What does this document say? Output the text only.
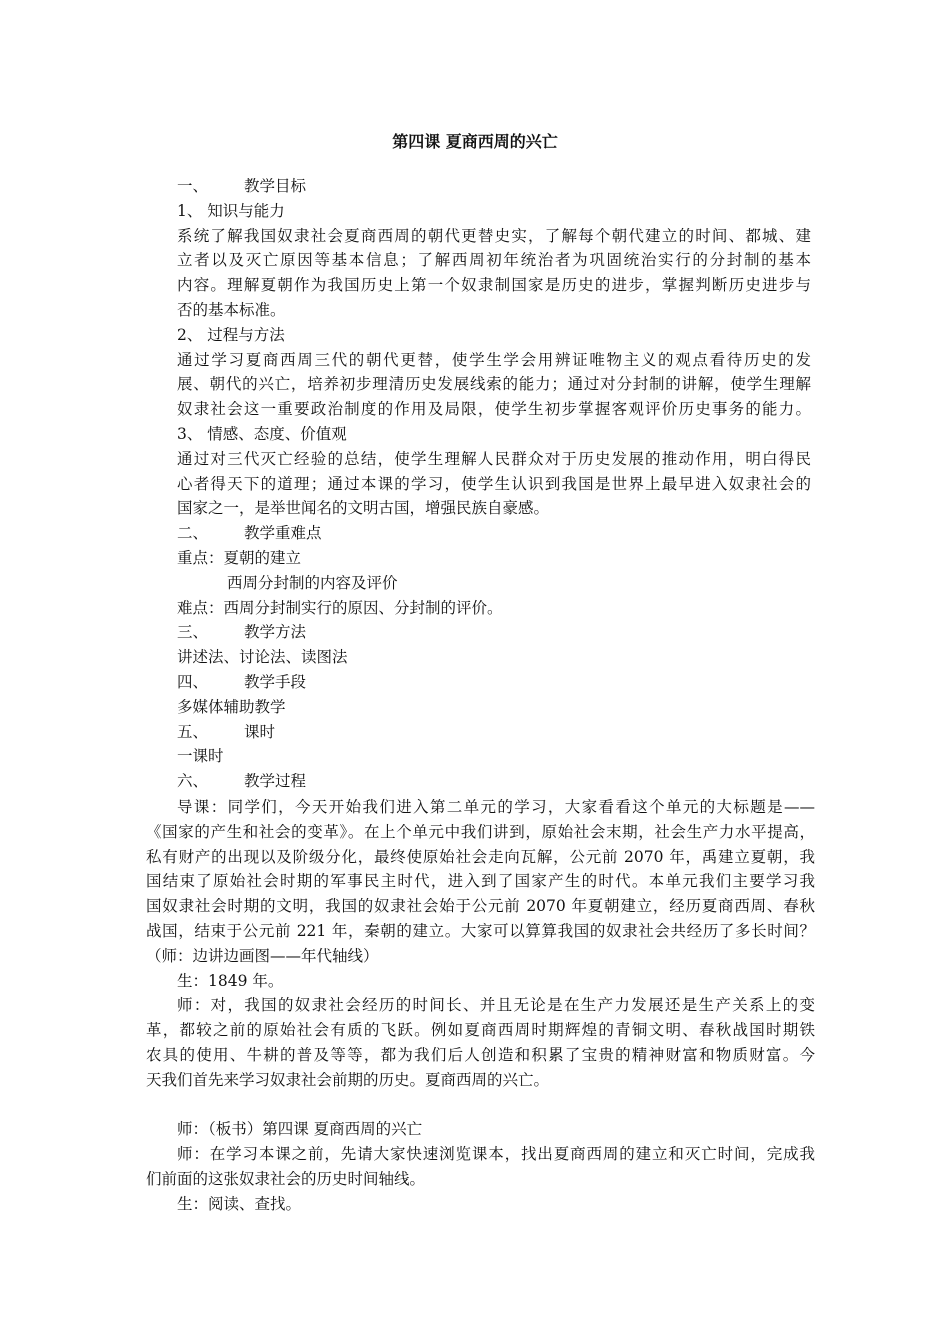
第四课 夏商西周的兴亡
一、 教学目标
1、 知识与能力
系统了解我国奴隶社会夏商西周的朝代更替史实，了解每个朝代建立的时间、都城、建
立者以及灭亡原因等基本信息；了解西周初年统治者为巩固统治实行的分封制的基本
内容。理解夏朝作为我国历史上第一个奴隶制国家是历史的进步，掌握判断历史进步与
否的基本标准。
2、 过程与方法
通过学习夏商西周三代的朝代更替，使学生学会用辨证唯物主义的观点看待历史的发
展、朝代的兴亡，培养初步理清历史发展线索的能力；通过对分封制的讲解，使学生理解
奴隶社会这一重要政治制度的作用及局限，使学生初步掌握客观评价历史事务的能力。
3、 情感、态度、价值观
通过对三代灭亡经验的总结，使学生理解人民群众对于历史发展的推动作用，明白得民
心者得天下的道理；通过本课的学习，使学生认识到我国是世界上最早进入奴隶社会的
国家之一，是举世闻名的文明古国，增强民族自豪感。
二、 教学重难点
重点：夏朝的建立
西周分封制的内容及评价
难点：西周分封制实行的原因、分封制的评价。
三、 教学方法
讲述法、讨论法、读图法
四、 教学手段
多媒体辅助教学
五、 课时
一课时
六、 教学过程
导课：同学们，今天开始我们进入第二单元的学习，大家看看这个单元的大标题是——
《国家的产生和社会的变革》。在上个单元中我们讲到，原始社会末期，社会生产力水平提高，
私有财产的出现以及阶级分化，最终使原始社会走向瓦解，公元前 2070 年，禹建立夏朝，我
国结束了原始社会时期的军事民主时代，进入到了国家产生的时代。本单元我们主要学习我
国奴隶社会时期的文明，我国的奴隶社会始于公元前 2070 年夏朝建立，经历夏商西周、春秋
战国，结束于公元前 221 年，秦朝的建立。大家可以算算我国的奴隶社会共经历了多长时间？
（师：边讲边画图——年代轴线）
生：1849 年。
师：对，我国的奴隶社会经历的时间长、并且无论是在生产力发展还是生产关系上的变
革，都较之前的原始社会有质的飞跃。例如夏商西周时期辉煌的青铜文明、春秋战国时期铁
农具的使用、牛耕的普及等等，都为我们后人创造和积累了宝贵的精神财富和物质财富。今
天我们首先来学习奴隶社会前期的历史。夏商西周的兴亡。
师：（板书）第四课 夏商西周的兴亡
师：在学习本课之前，先请大家快速浏览课本，找出夏商西周的建立和灭亡时间，完成我
们前面的这张奴隶社会的历史时间轴线。
生：阅读、查找。
